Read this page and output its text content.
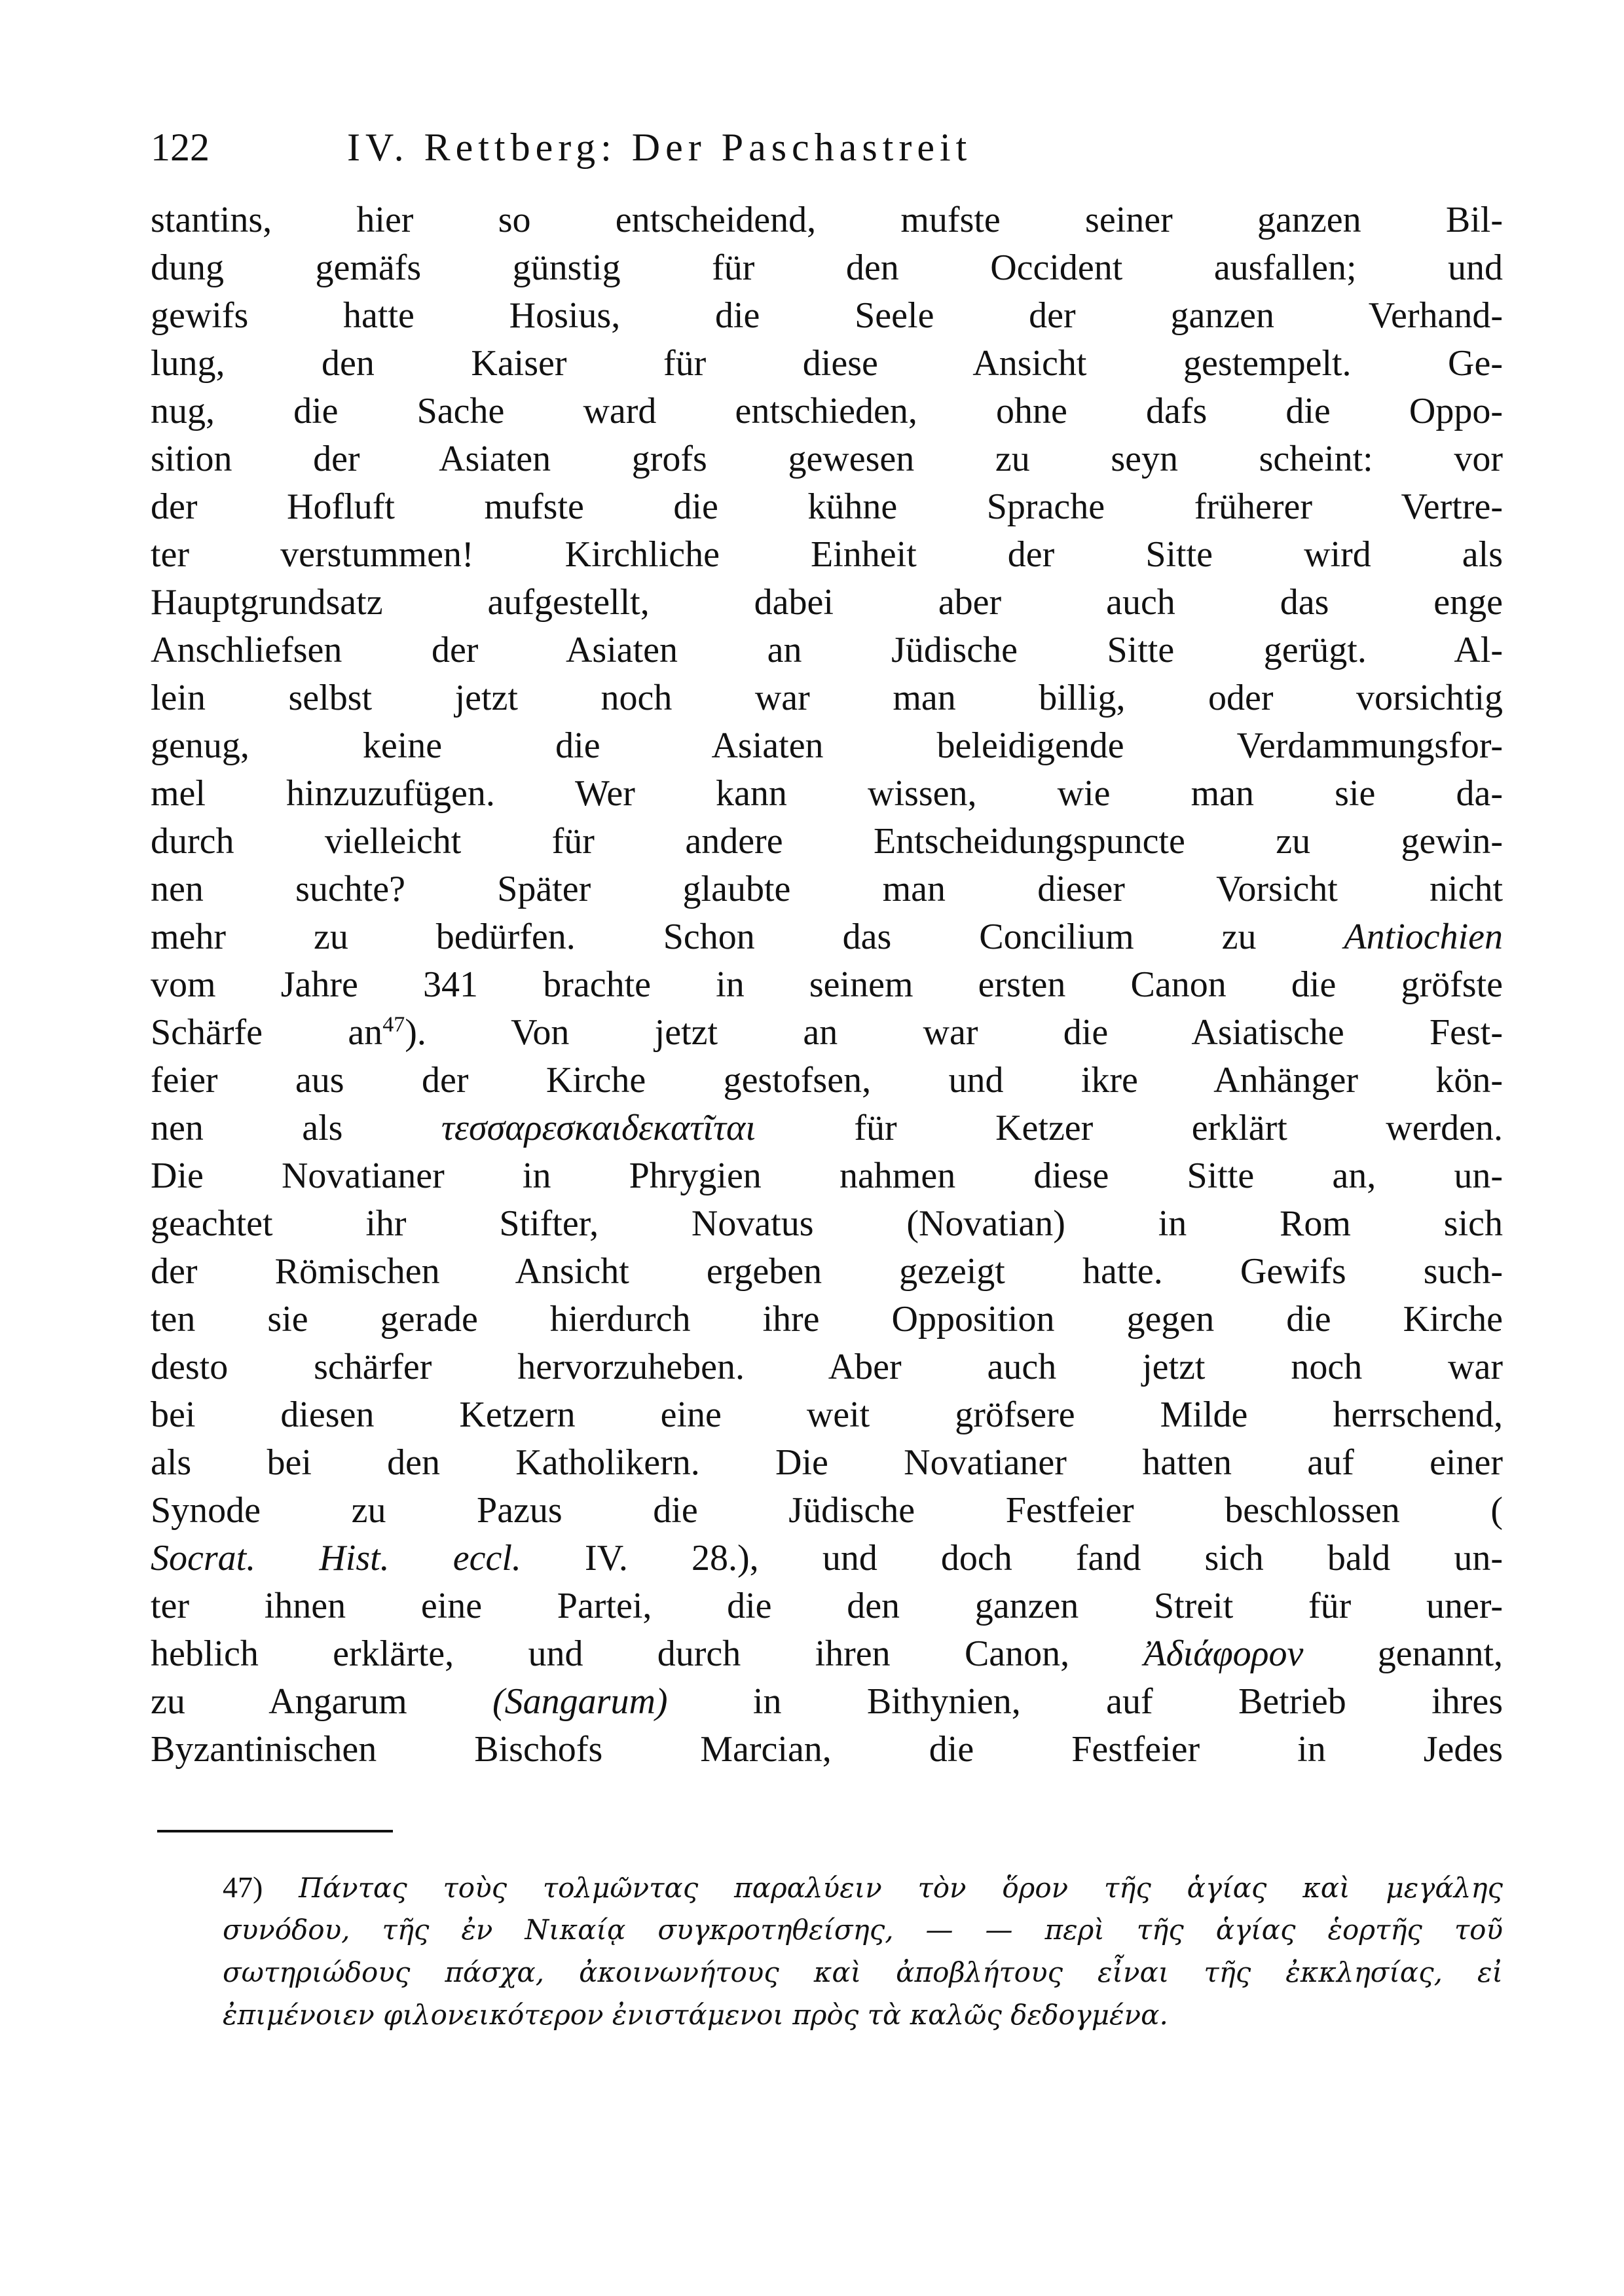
122	IV. Rettberg: Der Paschastreit
stantins, hier so entscheidend, mufste seiner ganzen Bil-
dung gemäfs günstig für den Occident ausfallen; und
gewifs hatte Hosius, die Seele der ganzen Verhand-
lung, den Kaiser für diese Ansicht gestempelt. Ge-
nug, die Sache ward entschieden, ohne dafs die Oppo-
sition der Asiaten grofs gewesen zu seyn scheint: vor
der Hofluft mufste die kühne Sprache früherer Vertre-
ter verstummen! Kirchliche Einheit der Sitte wird als
Hauptgrundsatz aufgestellt, dabei aber auch das enge
Anschliefsen der Asiaten an Jüdische Sitte gerügt. Al-
lein selbst jetzt noch war man billig, oder vorsichtig
genug, keine die Asiaten beleidigende Verdammungsfor-
mel hinzuzufügen. Wer kann wissen, wie man sie da-
durch vielleicht für andere Entscheidungspuncte zu gewin-
nen suchte? Später glaubte man dieser Vorsicht nicht
mehr zu bedürfen. Schon das Concilium zu Antiochien
vom Jahre 341 brachte in seinem ersten Canon die gröfste
Schärfe $an^{47}$). Von jetzt an war die Asiatische Fest-
feier aus der Kirche gestofsen, und ikre Anhänger kön-
nen als	τεσσαρεσκαιδεκατῖται	für Ketzer erklärt werden.
Die Novatianer in Phrygien nahmen diese Sitte an, un-
geachtet ihr Stifter, Novatus (Novatian) in Rom sich
der Römischen Ansicht ergeben gezeigt hatte. Gewifs such-
ten sie gerade hierdurch ihre Opposition gegen die Kirche
desto schärfer hervorzuheben. Aber auch jetzt noch war
bei diesen Ketzern eine weit gröfsere Milde herrschend,
als bei den Katholikern. Die Novatianer hatten auf einer
Synode zu Pazus die Jüdische Festfeier beschlossen (
Socrat. Hist. eccl. IV. 28.), und doch fand sich bald un-
ter ihnen eine Partei, die den ganzen Streit für uner-
heblich erklärte, und durch ihren Canon, Ἀδιάφορον genannt,
zu Angarum (Sangarum) in Bithynien, auf Betrieb ihres
Byzantinischen Bischofs Marcian, die Festfeier in Jedes
47) Πάντας τοὺς τολμῶντας παραλύειν τὸν ὅρον τῆς ἁγίας καὶ μεγάλης
συνόδου, τῆς ἐν Νικαίᾳ συγκροτηθείσης, — — περὶ τῆς ἁγίας ἑορτῆς τοῦ
σωτηριώδους πάσχα, ἀκοινωνήτους καὶ ἀποβλήτους εἶναι τῆς ἐκκλησίας, εἰ
ἐπιμένοιεν φιλονεικότερον ἐνιστάμενοι πρὸς τὰ καλῶς δεδογμένα.
